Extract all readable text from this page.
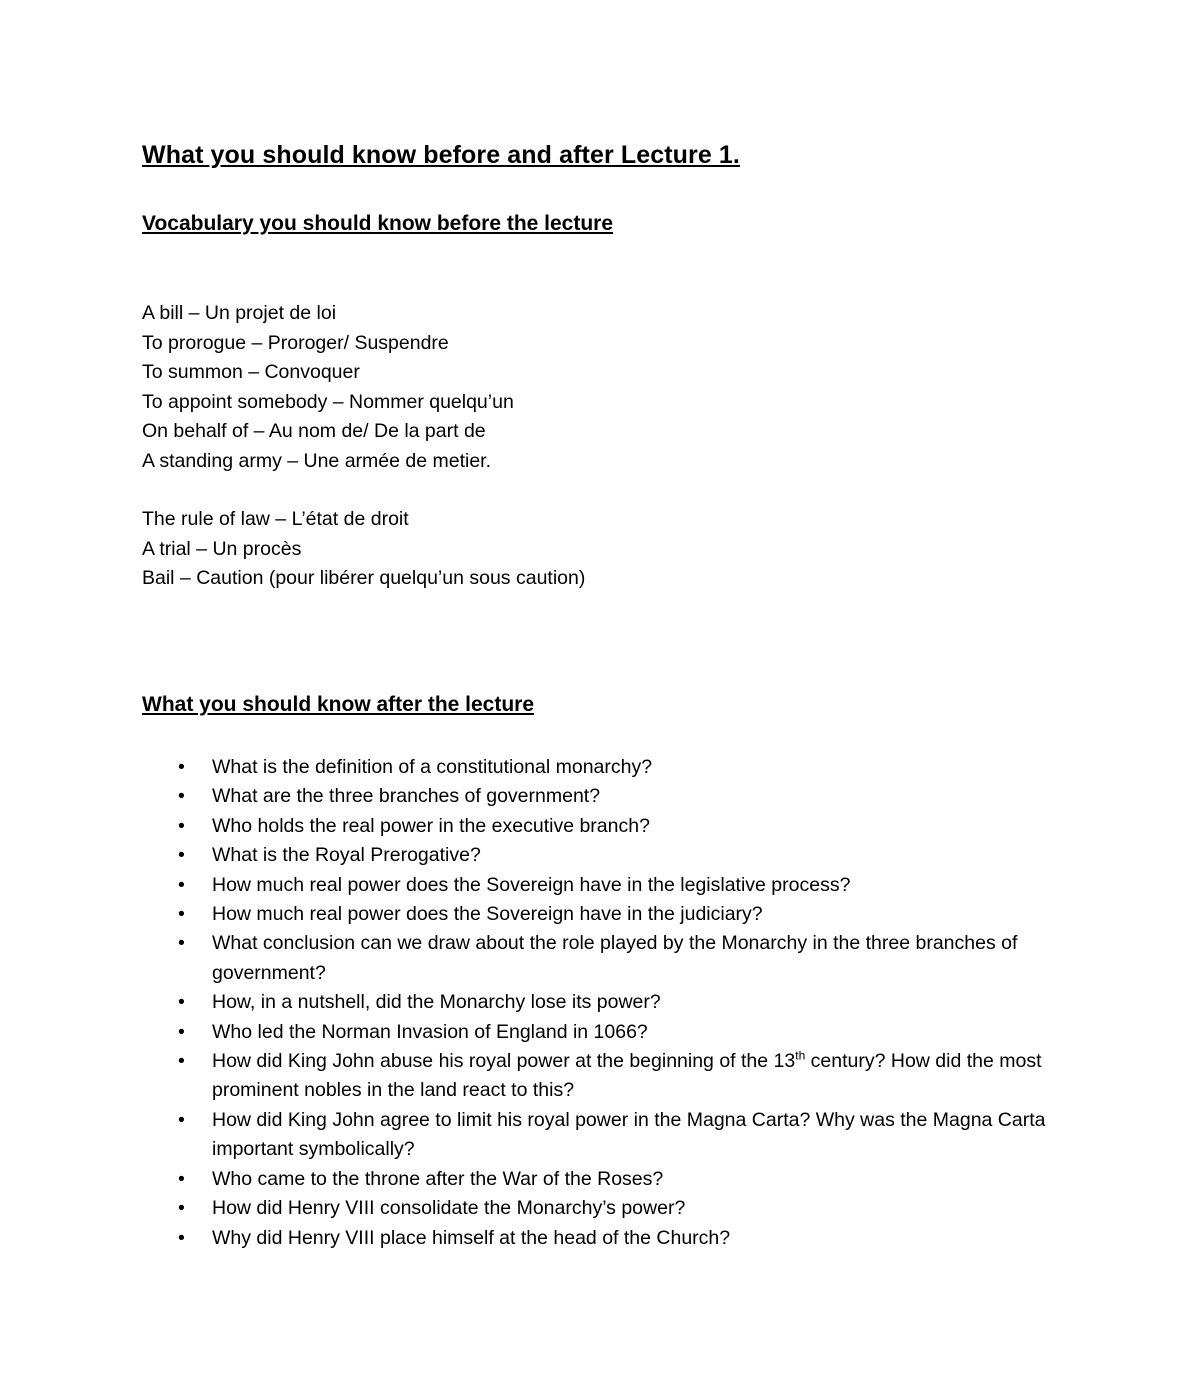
What you should know before and after Lecture 1.
Vocabulary you should know before the lecture
A bill – Un projet de loi
To prorogue – Proroger/ Suspendre
To summon – Convoquer
To appoint somebody – Nommer quelqu’un
On behalf of – Au nom de/ De la part de
A standing army – Une armée de metier.
The rule of law – L’état de droit
A trial – Un procès
Bail – Caution (pour libérer quelqu’un sous caution)
What you should know after the lecture
• What is the definition of a constitutional monarchy?
• What are the three branches of government?
• Who holds the real power in the executive branch?
• What is the Royal Prerogative?
• How much real power does the Sovereign have in the legislative process?
• How much real power does the Sovereign have in the judiciary?
• What conclusion can we draw about the role played by the Monarchy in the three branches of government?
• How, in a nutshell, did the Monarchy lose its power?
• Who led the Norman Invasion of England in 1066?
• How did King John abuse his royal power at the beginning of the 13th century? How did the most prominent nobles in the land react to this?
• How did King John agree to limit his royal power in the Magna Carta? Why was the Magna Carta important symbolically?
• Who came to the throne after the War of the Roses?
• How did Henry VIII consolidate the Monarchy’s power?
• Why did Henry VIII place himself at the head of the Church?
